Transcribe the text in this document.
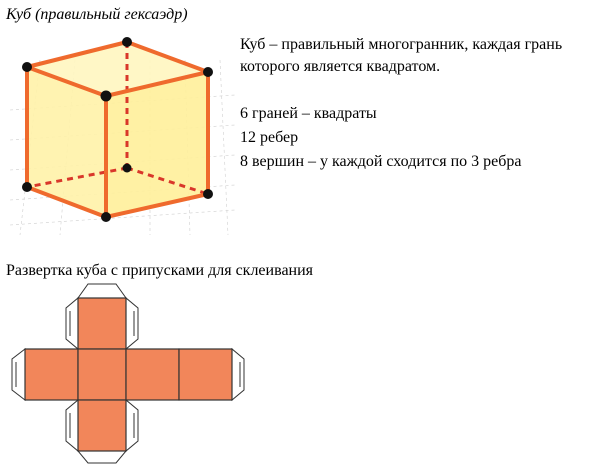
Куб (правильный гексаэдр)
Куб – правильный многогранник, каждая грань которого является квадратом.
6 граней – квадраты
12 ребер
8 вершин – у каждой сходится по 3 ребра
Развертка куба с припусками для склеивания
